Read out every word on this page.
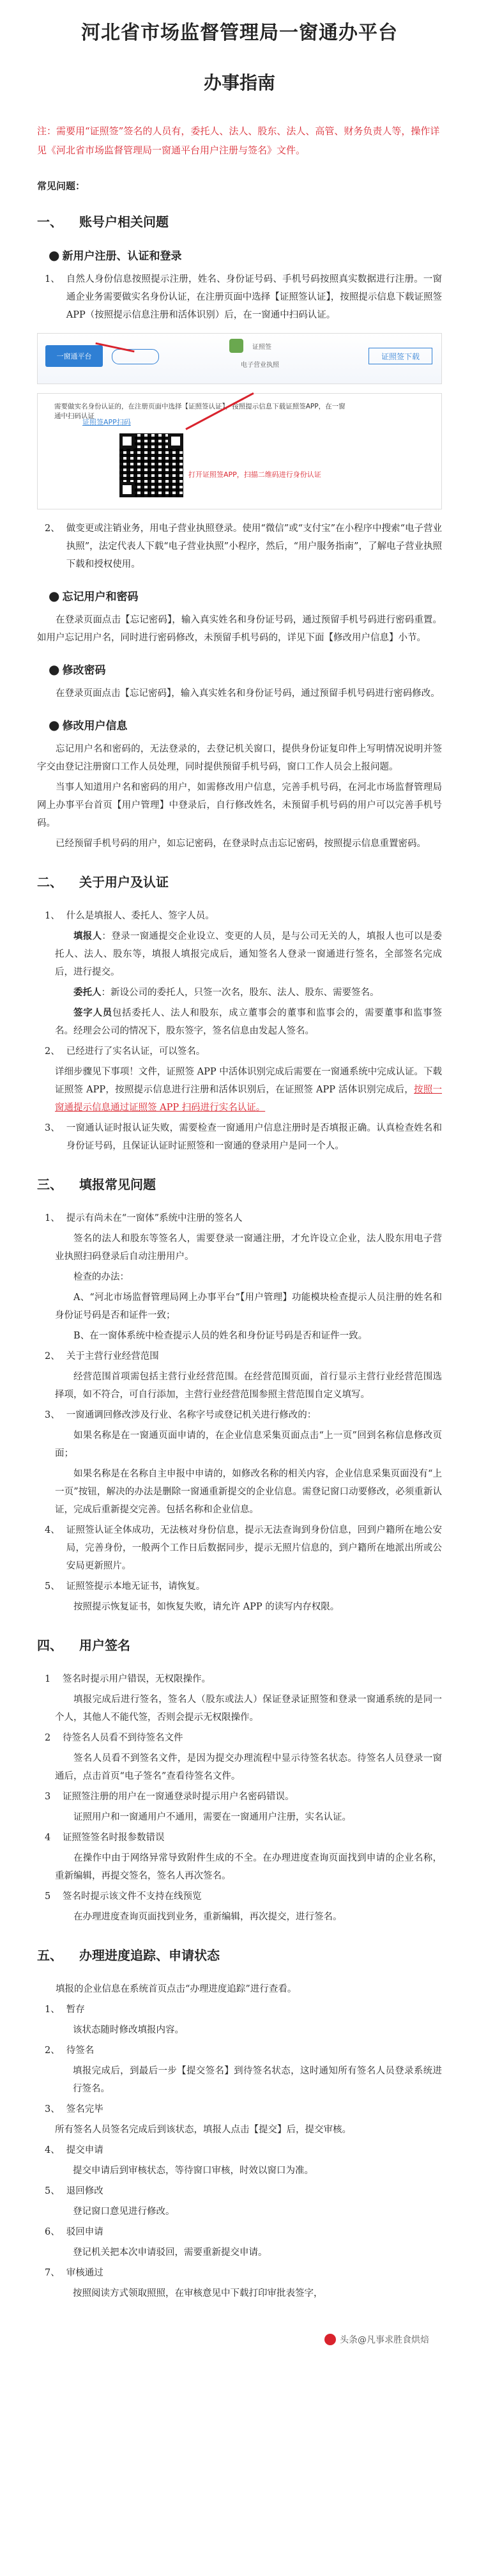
河北省市场监督管理局一窗通办平台
办事指南
注：需要用“证照签”签名的人员有，委托人、法人、股东、法人、高管、财务负责人等，操作详见《河北省市场监督管理局一窗通平台用户注册与签名》文件。
常见问题：
一、 账号户相关问题
● 新用户注册、认证和登录
1、 自然人身份信息按照提示注册，姓名、身份证号码、手机号码按照真实数据进行注册。一窗通企业务需要做实名身份认证，在注册页面中选择【证照签认证】，按照提示信息下载证照签 APP（按照提示信息注册和活体识别）后，在一窗通中扫码认证。
一窗通平台
证照签
电子营业执照
证照签下载
需要做实名身份认证的，在注册页面中选择【证照签认证】，按照提示信息下载证照签APP，在一窗通中扫码认证
证照签APP扫码
打开证照签APP，扫描二维码进行身份认证
2、 做变更或注销业务，用电子营业执照登录。使用“微信”或“支付宝”在小程序中搜索“电子营业执照”，法定代表人下载“电子营业执照”小程序，然后，“用户服务指南”，了解电子营业执照下载和授权使用。
● 忘记用户和密码

在登录页面点击【忘记密码】，输入真实姓名和身份证号码，通过预留手机号码进行密码重置。如用户忘记用户名，同时进行密码修改，未预留手机号码的，详见下面【修改用户信息】小节。

● 修改密码

在登录页面点击【忘记密码】，输入真实姓名和身份证号码，通过预留手机号码进行密码修改。

● 修改用户信息

忘记用户名和密码的，无法登录的，去登记机关窗口，提供身份证复印件上写明情况说明并签字交由登记注册窗口工作人员处理，同时提供预留手机号码，窗口工作人员会上报问题。

当事人知道用户名和密码的用户，如需修改用户信息，完善手机号码，在河北市场监督管理局网上办事平台首页【用户管理】中登录后，自行修改姓名，未预留手机号码的用户可以完善手机号码。

已经预留手机号码的用户，如忘记密码，在登录时点击忘记密码，按照提示信息重置密码。

二、 关于用户及认证
1、 什么是填报人、委托人、签字人员。

填报人：登录一窗通提交企业设立、变更的人员，是与公司无关的人，填报人也可以是委托人、法人、股东等，填报人填报完成后，通知签名人登录一窗通进行签名，全部签名完成后，进行提交。

委托人：新设公司的委托人，只签一次名，股东、法人、股东、需要签名。

签字人员包括委托人、法人和股东，成立董事会的董事和监事会的，需要董事和监事签名。经理会公司的情况下，股东签字，签名信息由发起人签名。

2、 已经进行了实名认证，可以签名。

详细步骤见下事项！文件，证照签 APP 中活体识别完成后需要在一窗通系统中完成认证。下载证照签 APP，按照提示信息进行注册和活体识别后，在证照签 APP 活体识别完成后，按照一窗通提示信息通过证照签 APP 扫码进行实名认证。

3、 一窗通认证时报认证失败，需要检查一窗通用户信息注册时是否填报正确。认真检查姓名和身份证号码，且保证认证时证照签和一窗通的登录用户是同一个人。
三、 填报常见问题
1、 提示有尚未在“一窗体”系统中注册的签名人

签名的法人和股东等签名人，需要登录一窗通注册，才允许设立企业，法人股东用电子营业执照扫码登录后自动注册用户。

检查的办法：

A、“河北市场监督管理局网上办事平台”【用户管理】功能模块检查提示人员注册的姓名和身份证号码是否和证件一致；

B、在一窗体系统中检查提示人员的姓名和身份证号码是否和证件一致。

2、 关于主营行业经营范围

经营范围首项需包括主营行业经营范围。在经营范围页面，首行显示主营行业经营范围选择项，如不符合，可自行添加，主营行业经营范围参照主营范围自定义填写。

3、 一窗通调回修改涉及行业、名称字号或登记机关进行修改的：

如果名称是在一窗通页面申请的，在企业信息采集页面点击“上一页”回到名称信息修改页面；

如果名称是在名称自主申报中申请的，如修改名称的相关内容，企业信息采集页面没有“上一页”按钮，解决的办法是删除一窗通重新提交的企业信息。需登记窗口动要修改，必须重新认证，完成后重新提交完善。包括名称和企业信息。

4、 证照签认证全体成功，无法核对身份信息，提示无法查询到身份信息，回到户籍所在地公安局，完善身份，一般两个工作日后数据同步，提示无照片信息的，到户籍所在地派出所或公安局更新照片。
5、 证照签提示本地无证书，请恢复。

按照提示恢复证书，如恢复失败，请允许 APP 的读写内存权限。

四、 用户签名
1	签名时提示用户错误，无权限操作。

填报完成后进行签名，签名人（股东或法人）保证登录证照签和登录一窗通系统的是同一个人，其他人不能代签，否则会提示无权限操作。

2	待签名人员看不到待签名文件

签名人员看不到签名文件，是因为提交办理流程中显示待签名状态。待签名人员登录一窗通后，点击首页“电子签名”查看待签名文件。

3	证照签注册的用户在一窗通登录时提示用户名密码错误。

证照用户和一窗通用户不通用，需要在一窗通用户注册，实名认证。

4	证照签签名时报参数错误

在操作中由于网络异常导致附件生成的不全。在办理进度查询页面找到申请的企业名称，重新编辑，再提交签名，签名人再次签名。

5	签名时提示该文件不支持在线预览

在办理进度查询页面找到业务，重新编辑，再次提交，进行签名。

五、 办理进度追踪、申请状态

填报的企业信息在系统首页点击“办理进度追踪”进行查看。

1、 暂存

该状态随时修改填报内容。

2、 待签名

填报完成后，到最后一步【提交签名】到待签名状态，这时通知所有签名人员登录系统进行签名。

3、 签名完毕

所有签名人员签名完成后到该状态，填报人点击【提交】后，提交审核。

4、 提交申请

提交申请后到审核状态，等待窗口审核，时效以窗口为准。

5、 退回修改

登记窗口意见进行修改。

6、 驳回申请

登记机关把本次申请驳回，需要重新提交申请。

7、 审核通过

按照阅读方式领取照照，在审核意见中下载打印审批表签字，

头条@凡事求胜食烘焙
